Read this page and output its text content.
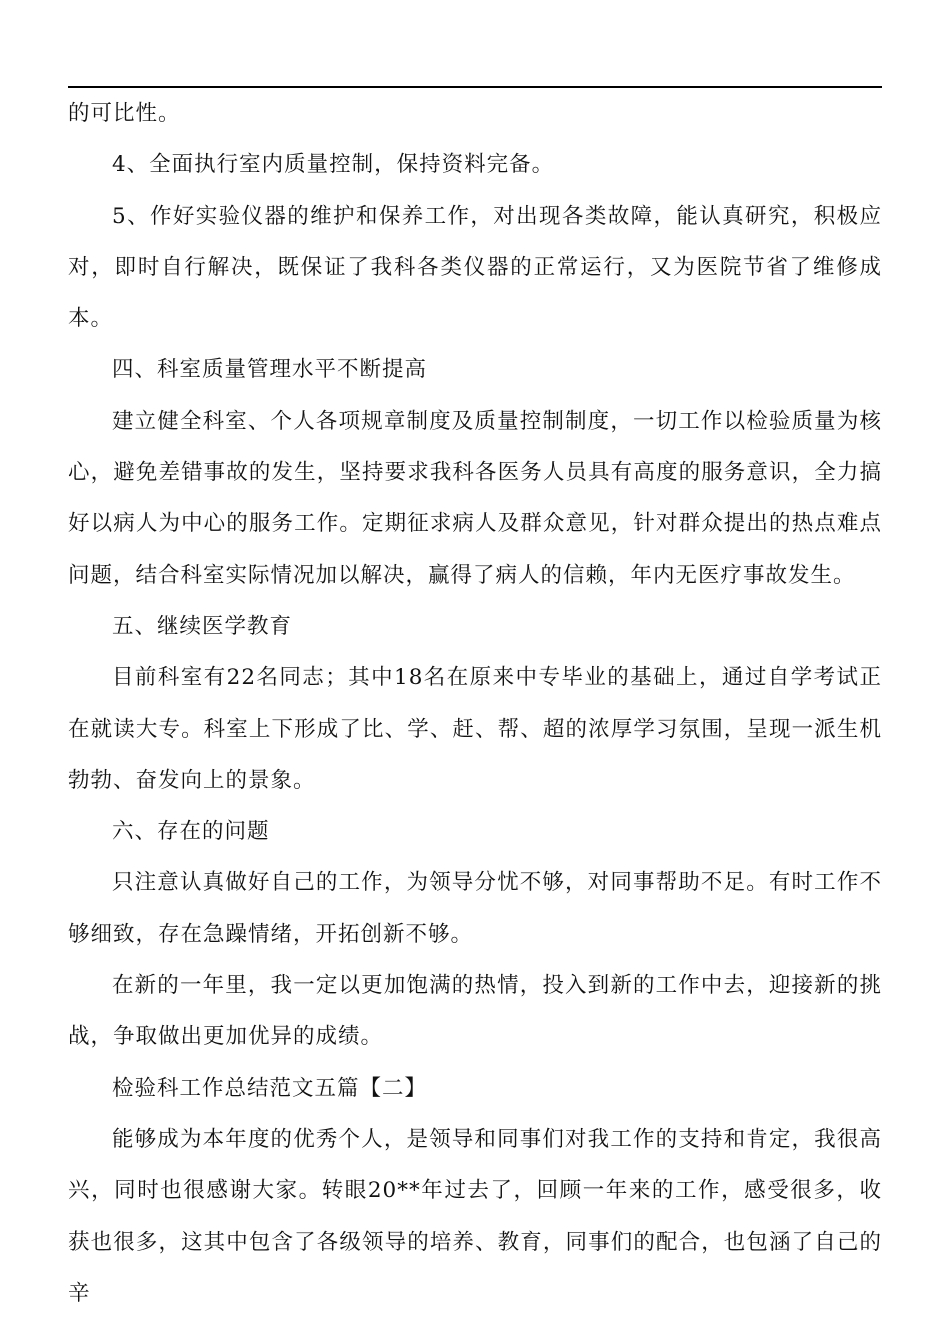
的可比性。

4、全面执行室内质量控制，保持资料完备。

5、作好实验仪器的维护和保养工作，对出现各类故障，能认真研究，积极应对，即时自行解决，既保证了我科各类仪器的正常运行，又为医院节省了维修成本。

四、科室质量管理水平不断提高

建立健全科室、个人各项规章制度及质量控制制度，一切工作以检验质量为核心，避免差错事故的发生，坚持要求我科各医务人员具有高度的服务意识，全力搞好以病人为中心的服务工作。定期征求病人及群众意见，针对群众提出的热点难点问题，结合科室实际情况加以解决，赢得了病人的信赖，年内无医疗事故发生。

五、继续医学教育

目前科室有22名同志；其中18名在原来中专毕业的基础上，通过自学考试正在就读大专。科室上下形成了比、学、赶、帮、超的浓厚学习氛围，呈现一派生机勃勃、奋发向上的景象。

六、存在的问题

只注意认真做好自己的工作，为领导分忧不够，对同事帮助不足。有时工作不够细致，存在急躁情绪，开拓创新不够。

在新的一年里，我一定以更加饱满的热情，投入到新的工作中去，迎接新的挑战，争取做出更加优异的成绩。

检验科工作总结范文五篇【二】

能够成为本年度的优秀个人，是领导和同事们对我工作的支持和肯定，我很高兴，同时也很感谢大家。转眼20**年过去了，回顾一年来的工作，感受很多，收获也很多，这其中包含了各级领导的培养、教育，同事们的配合，也包涵了自己的辛
